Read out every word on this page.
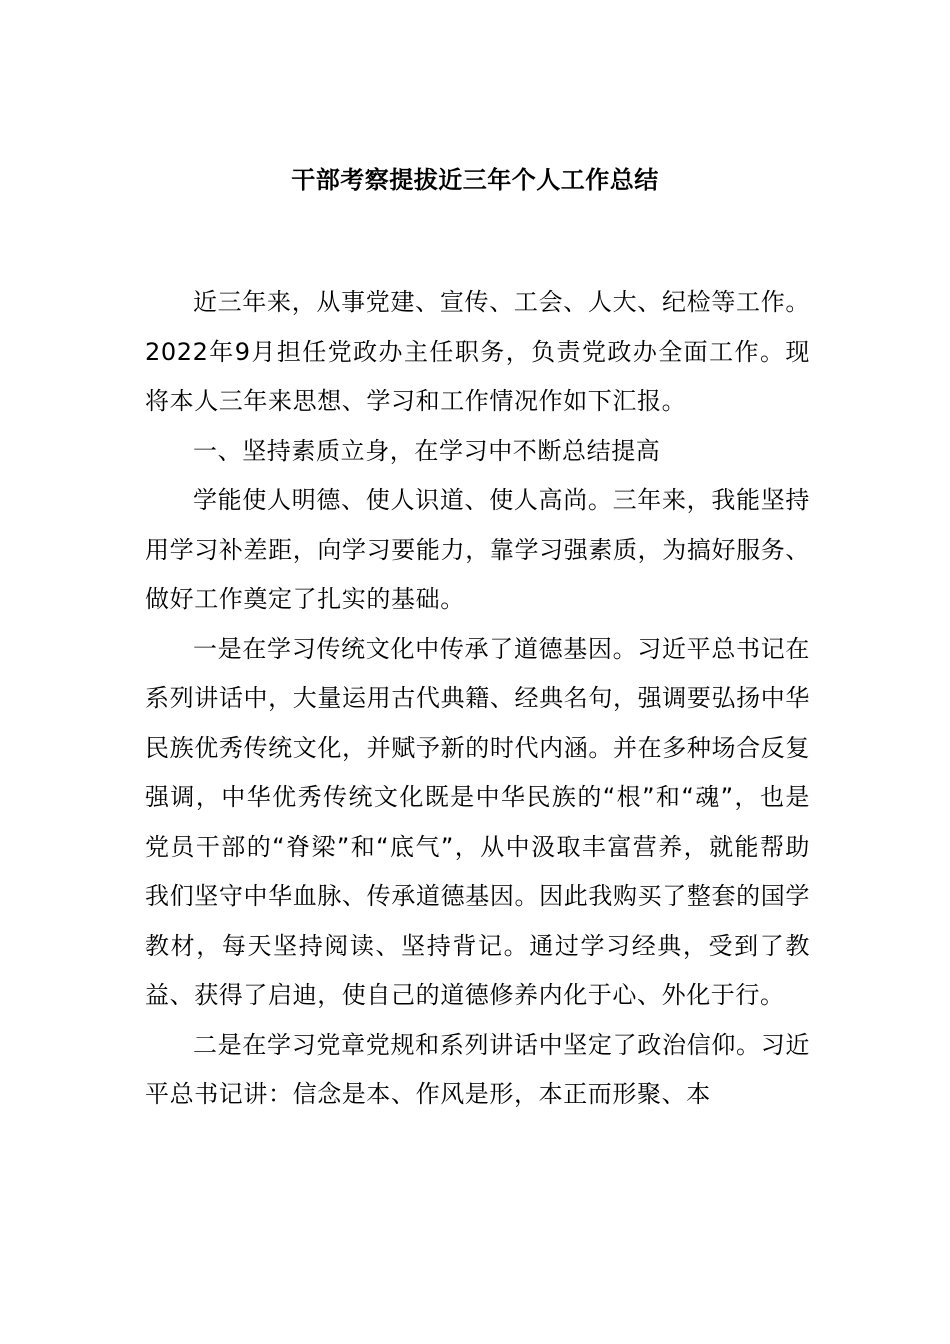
干部考察提拔近三年个人工作总结

近三年来，从事党建、宣传、工会、人大、纪检等工作。2022年9月担任党政办主任职务，负责党政办全面工作。现将本人三年来思想、学习和工作情况作如下汇报。

一、坚持素质立身，在学习中不断总结提高

学能使人明德、使人识道、使人高尚。三年来，我能坚持用学习补差距，向学习要能力，靠学习强素质，为搞好服务、做好工作奠定了扎实的基础。

一是在学习传统文化中传承了道德基因。习近平总书记在系列讲话中，大量运用古代典籍、经典名句，强调要弘扬中华民族优秀传统文化，并赋予新的时代内涵。并在多种场合反复强调，中华优秀传统文化既是中华民族的“根”和“魂”，也是党员干部的“脊梁”和“底气”，从中汲取丰富营养，就能帮助我们坚守中华血脉、传承道德基因。因此我购买了整套的国学教材，每天坚持阅读、坚持背记。通过学习经典，受到了教益、获得了启迪，使自己的道德修养内化于心、外化于行。

二是在学习党章党规和系列讲话中坚定了政治信仰。习近平总书记讲：信念是本、作风是形，本正而形聚、本
